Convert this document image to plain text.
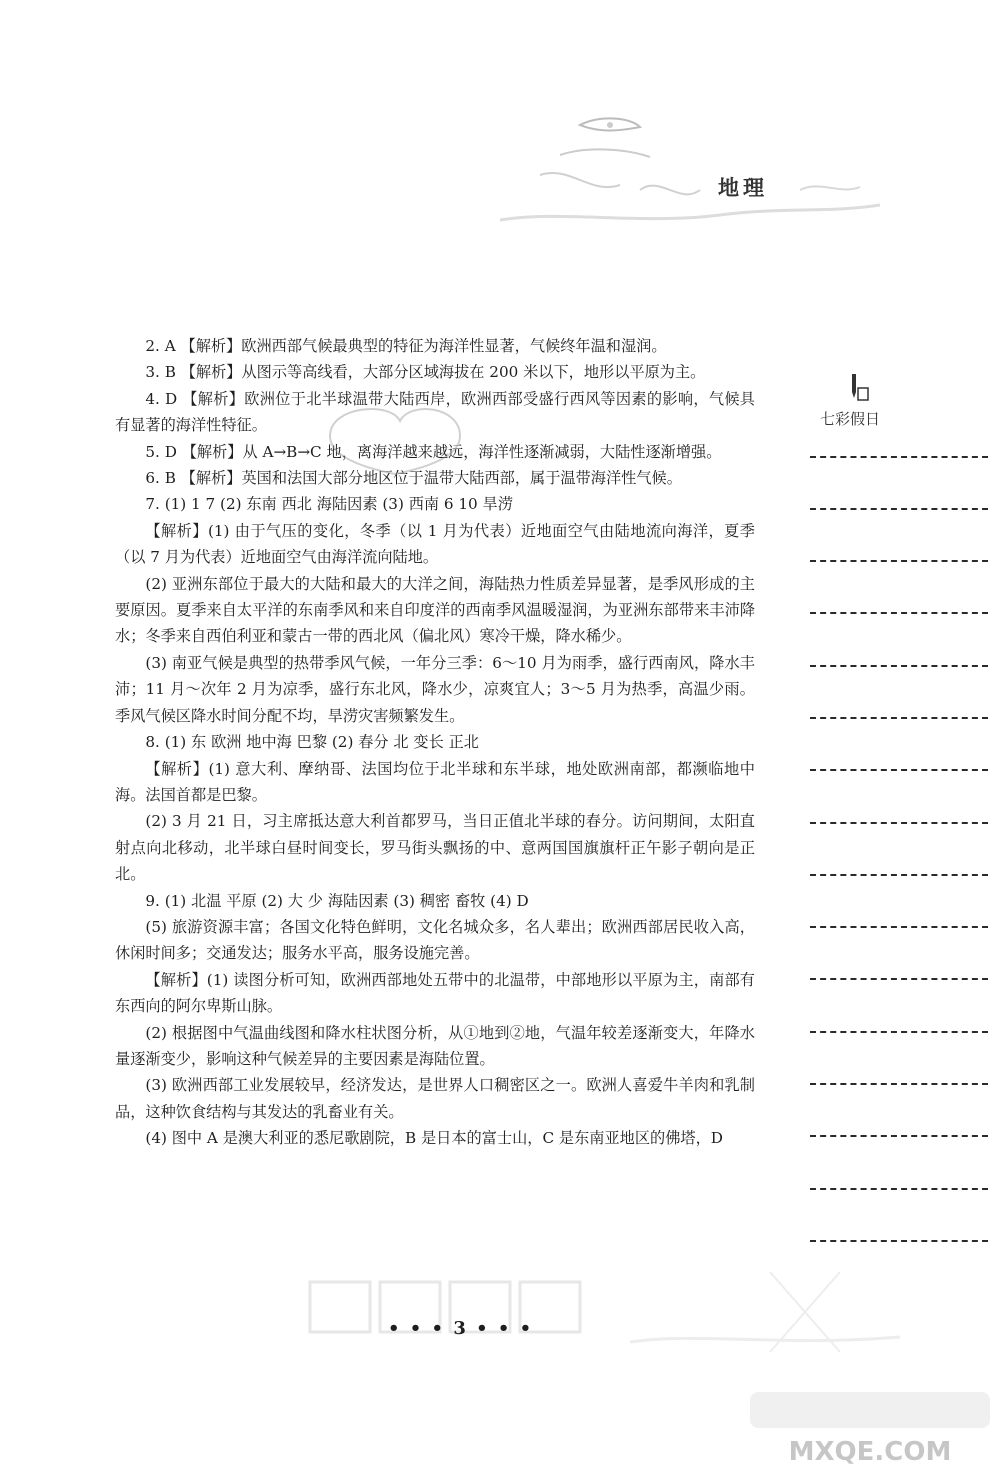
地理
七彩假日

2. A 【解析】欧洲西部气候最典型的特征为海洋性显著，气候终年温和湿润。

3. B 【解析】从图示等高线看，大部分区域海拔在 200 米以下，地形以平原为主。

4. D 【解析】欧洲位于北半球温带大陆西岸，欧洲西部受盛行西风等因素的影响，气候具有显著的海洋性特征。

5. D 【解析】从 A→B→C 地，离海洋越来越远，海洋性逐渐减弱，大陆性逐渐增强。

6. B 【解析】英国和法国大部分地区位于温带大陆西部，属于温带海洋性气候。

7. (1) 1 7 (2) 东南 西北 海陆因素 (3) 西南 6 10 旱涝

【解析】(1) 由于气压的变化，冬季（以 1 月为代表）近地面空气由陆地流向海洋，夏季（以 7 月为代表）近地面空气由海洋流向陆地。

(2) 亚洲东部位于最大的大陆和最大的大洋之间，海陆热力性质差异显著，是季风形成的主要原因。夏季来自太平洋的东南季风和来自印度洋的西南季风温暖湿润，为亚洲东部带来丰沛降水；冬季来自西伯利亚和蒙古一带的西北风（偏北风）寒冷干燥，降水稀少。

(3) 南亚气候是典型的热带季风气候，一年分三季：6～10 月为雨季，盛行西南风，降水丰沛；11 月～次年 2 月为凉季，盛行东北风，降水少，凉爽宜人；3～5 月为热季，高温少雨。季风气候区降水时间分配不均，旱涝灾害频繁发生。

8. (1) 东 欧洲 地中海 巴黎 (2) 春分 北 变长 正北

【解析】(1) 意大利、摩纳哥、法国均位于北半球和东半球，地处欧洲南部，都濒临地中海。法国首都是巴黎。

(2) 3 月 21 日，习主席抵达意大利首都罗马，当日正值北半球的春分。访问期间，太阳直射点向北移动，北半球白昼时间变长，罗马街头飘扬的中、意两国国旗旗杆正午影子朝向是正北。

9. (1) 北温 平原 (2) 大 少 海陆因素 (3) 稠密 畜牧 (4) D

(5) 旅游资源丰富；各国文化特色鲜明，文化名城众多，名人辈出；欧洲西部居民收入高，休闲时间多；交通发达；服务水平高，服务设施完善。

【解析】(1) 读图分析可知，欧洲西部地处五带中的北温带，中部地形以平原为主，南部有东西向的阿尔卑斯山脉。

(2) 根据图中气温曲线图和降水柱状图分析，从①地到②地，气温年较差逐渐变大，年降水量逐渐变少，影响这种气候差异的主要因素是海陆位置。

(3) 欧洲西部工业发展较早，经济发达，是世界人口稠密区之一。欧洲人喜爱牛羊肉和乳制品，这种饮食结构与其发达的乳畜业有关。

(4) 图中 A 是澳大利亚的悉尼歌剧院，B 是日本的富士山，C 是东南亚地区的佛塔，D

• • • 3 • • •
MXQE.COM
